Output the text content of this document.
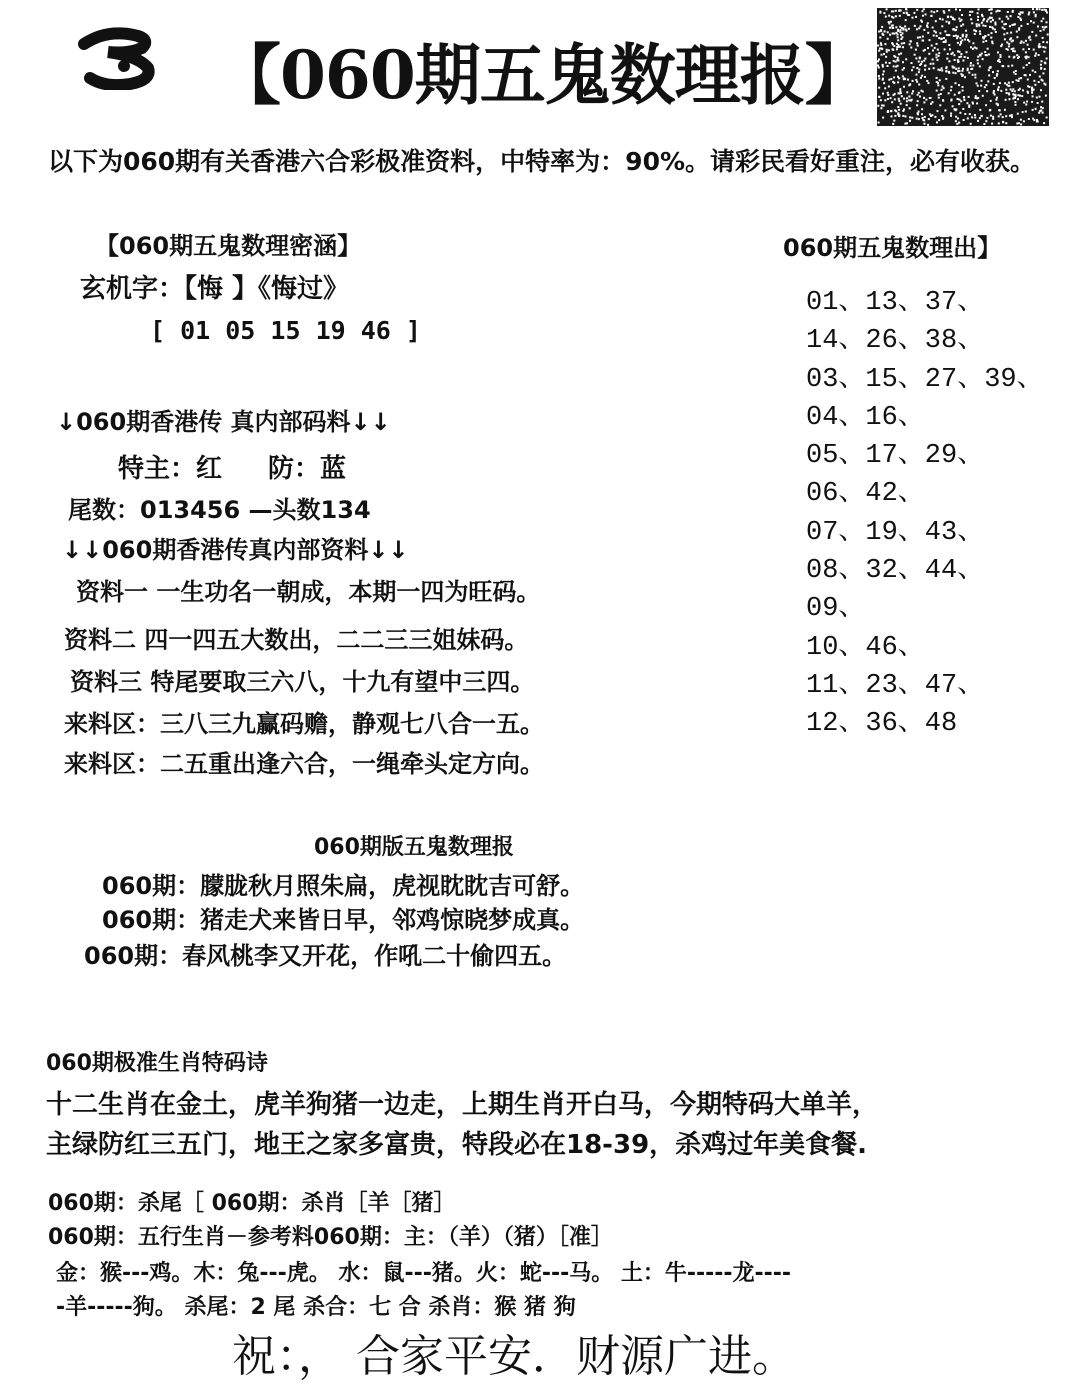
【060期五鬼数理报】
以下为060期有关香港六合彩极准资料，中特率为：90%。请彩民看好重注，必有收获。
【060期五鬼数理密涵】
玄机字：【悔 】《悔过》
[ 01 05 15 19 46 ]
↓060期香港传 真内部码料↓↓
特主：红 防：蓝
尾数：013456 —头数134
↓↓060期香港传真内部资料↓↓
资料一 一生功名一朝成，本期一四为旺码。
资料二 四一四五大数出，二二三三姐妹码。
资料三 特尾要取三六八，十九有望中三四。
来料区：三八三九赢码赡，静观七八合一五。
来料区：二五重出逢六合，一绳牵头定方向。
060期五鬼数理出】
01、13、37、
14、26、38、
03、15、27、39、
04、16、
05、17、29、
06、42、
07、19、43、
08、32、44、
09、
10、46、
11、23、47、
12、36、48
060期版五鬼数理报
060期：朦胧秋月照朱扁，虎视眈眈吉可舒。
060期：猪走犬来皆日早，邻鸡惊晓梦成真。
060期：春风桃李又开花，作吼二十偷四五。
060期极准生肖特码诗
十二生肖在金土，虎羊狗猪一边走，上期生肖开白马，今期特码大单羊，
主绿防红三五门，地王之家多富贵，特段必在18-39，杀鸡过年美食餐.
060期：杀尾［ 060期：杀肖［羊［猪］
060期：五行生肖－参考料060期：主：（羊）（猪）［准］
金：猴---鸡。木：兔---虎。 水：鼠---猪。火：蛇---马。 土：牛-----龙----
-羊-----狗。 杀尾：2 尾 杀合：七 合 杀肖：猴 猪 狗
祝：， 合家平安．财源广进。
